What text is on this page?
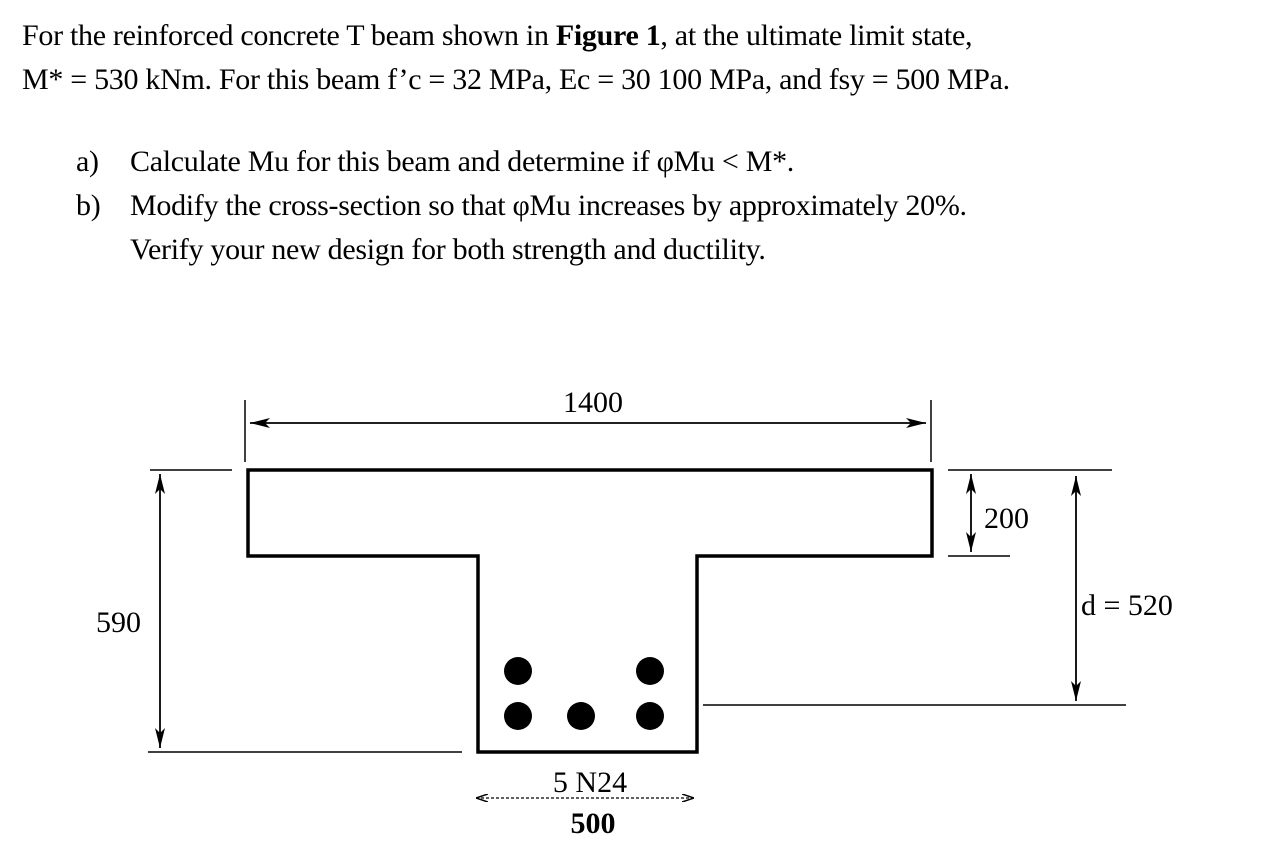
For the reinforced concrete T beam shown in Figure 1, at the ultimate limit state,

M* = 530 kNm. For this beam f’c = 32 MPa, Ec = 30 100 MPa, and fsy = 500 MPa.

a)	Calculate Mu for this beam and determine if φMu < M*.
b) Modify the cross-section so that φMu increases by approximately 20%.
Verify your new design for both strength and ductility.
1400
590
200
d = 520
5 N24
500
